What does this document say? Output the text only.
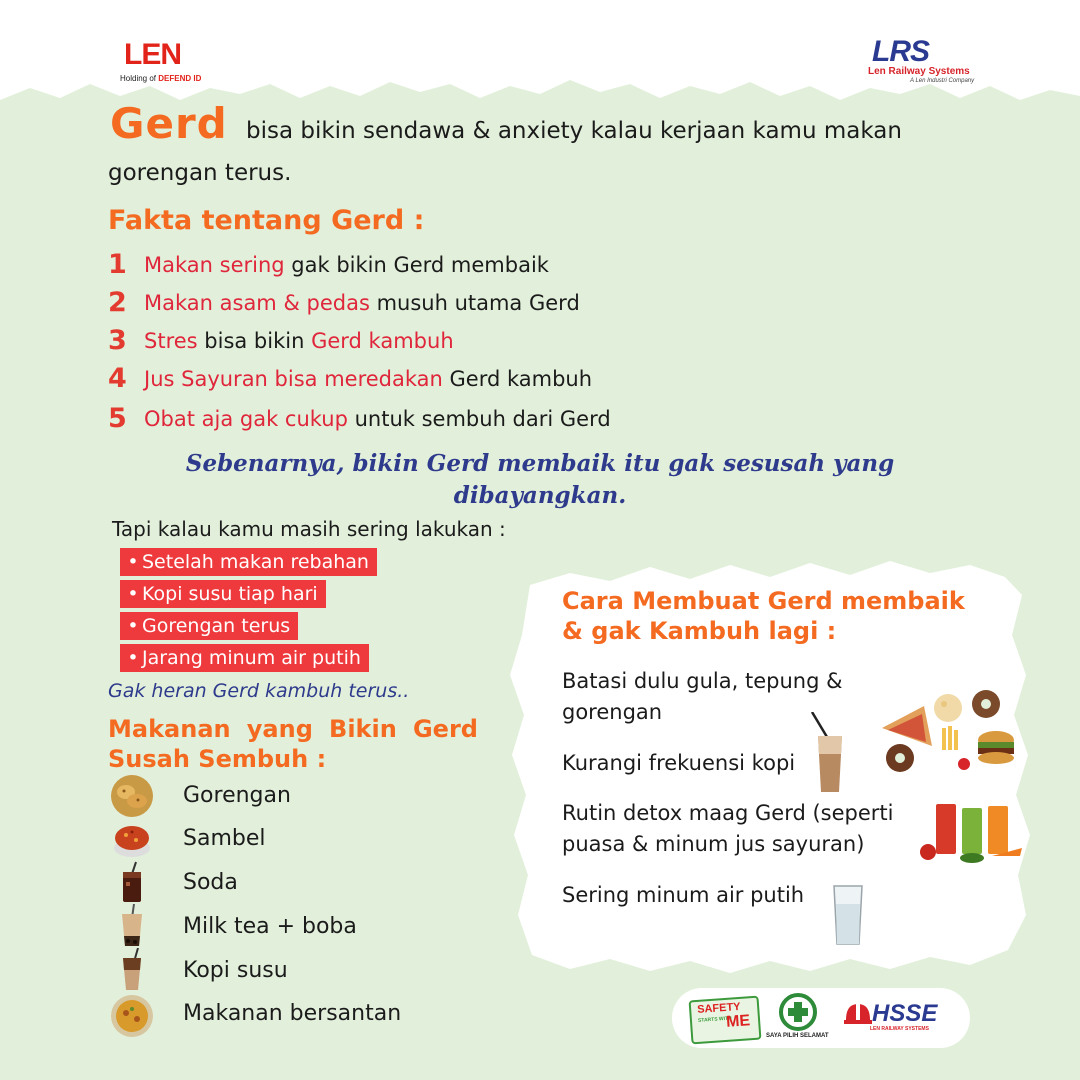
LEN
Holding of DEFEND ID
LRS
Len Railway Systems
A Len Industri Company
Gerd bisa bikin sendawa & anxiety kalau kerjaan kamu makan
gorengan terus.
Fakta tentang Gerd :
1 Makan sering gak bikin Gerd membaik
2 Makan asam & pedas musuh utama Gerd
3 Stres bisa bikin Gerd kambuh
4 Jus Sayuran bisa meredakan Gerd kambuh
5 Obat aja gak cukup untuk sembuh dari Gerd
Sebenarnya, bikin Gerd membaik itu gak sesusah yang
dibayangkan.
Tapi kalau kamu masih sering lakukan :
• Setelah makan rebahan
• Kopi susu tiap hari
• Gorengan terus
• Jarang minum air putih
Gak heran Gerd kambuh terus..
Makanan yang Bikin Gerd
Susah Sembuh :
Gorengan
Sambel
Soda
Milk tea + boba
Kopi susu
Makanan bersantan
Cara Membuat Gerd membaik
& gak Kambuh lagi :
Batasi dulu gula, tepung &
gorengan
Kurangi frekuensi kopi
Rutin detox maag Gerd (seperti
puasa & minum jus sayuran)
Sering minum air putih
SAFETY
STARTS WITH
ME
SAYA PILIH SELAMAT
HSSE
LEN RAILWAY SYSTEMS
